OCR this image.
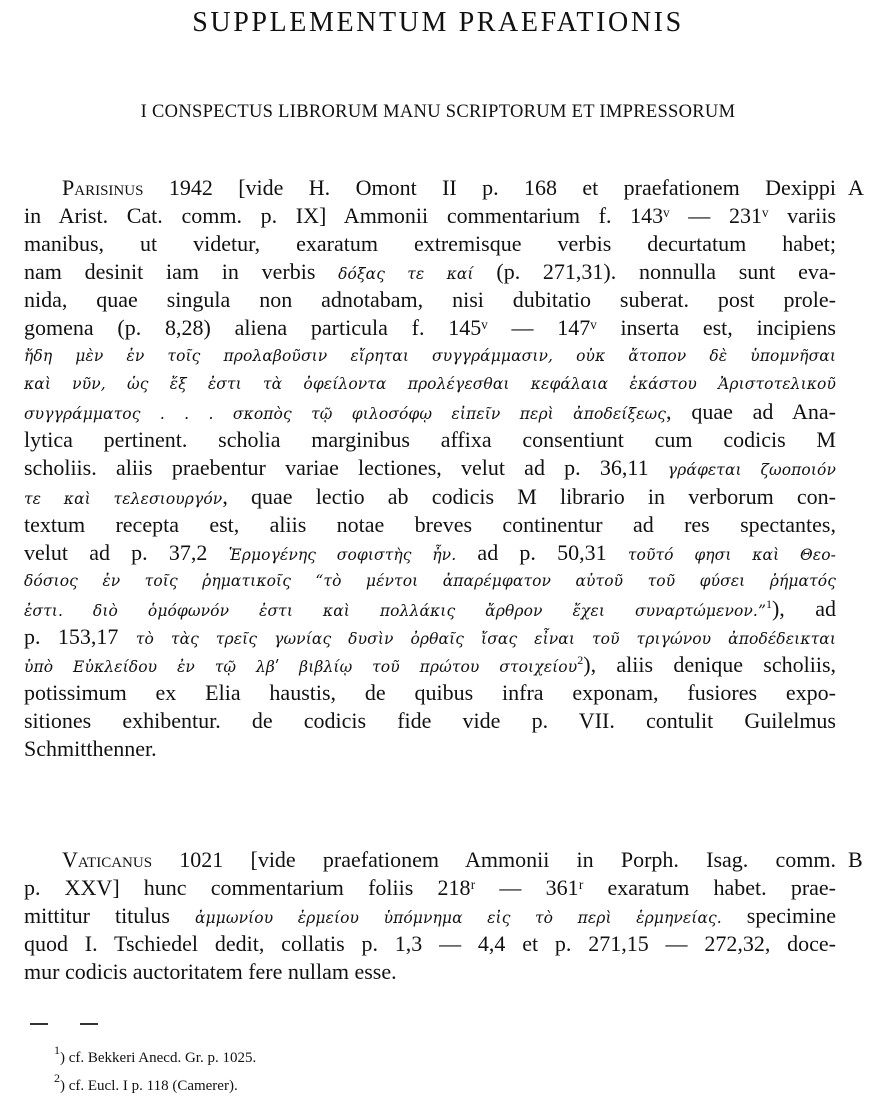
SUPPLEMENTUM PRAEFATIONIS
I CONSPECTUS LIBRORUM MANU SCRIPTORUM ET IMPRESSORUM
A
Parisinus 1942 [vide H. Omont II p. 168 et praefationem Dexippi
in Arist. Cat. comm. p. IX] Ammonii commentarium f. 143ᵛ — 231ᵛ variis
manibus, ut videtur, exaratum extremisque verbis decurtatum habet;
nam desinit iam in verbis δόξας τε καί (p. 271,31). nonnulla sunt eva-
nida, quae singula non adnotabam, nisi dubitatio suberat. post prole-
gomena (p. 8,28) aliena particula f. 145ᵛ — 147ᵛ inserta est, incipiens
ἤδη μὲν ἐν τοῖς προλαβοῦσιν εἴρηται συγγράμμασιν, οὐκ ἄτοπον δὲ ὑπομνῆσαι
καὶ νῦν, ὡς ἔξ ἐστι τὰ ὀφείλοντα προλέγεσθαι κεφάλαια ἑκάστου Ἀριστοτελικοῦ
συγγράμματος . . . σκοπὸς τῷ φιλοσόφῳ εἰπεῖν περὶ ἀποδείξεως, quae ad Ana-
lytica pertinent. scholia marginibus affixa consentiunt cum codicis M
scholiis. aliis praebentur variae lectiones, velut ad p. 36,11 γράφεται ζωοποιόν
τε καὶ τελεσιουργόν, quae lectio ab codicis M librario in verborum con-
textum recepta est, aliis notae breves continentur ad res spectantes,
velut ad p. 37,2 Ἑρμογένης σοφιστὴς ἦν. ad p. 50,31 τοῦτό φησι καὶ Θεο-
δόσιος ἐν τοῖς ῥηματικοῖς “τὸ μέντοι ἀπαρέμφατον αὐτοῦ τοῦ φύσει ῥήματός
ἐστι. διὸ ὁμόφωνόν ἐστι καὶ πολλάκις ἄρθρον ἔχει συναρτώμενον.”$^1$), ad
p. 153,17 τὸ τὰς τρεῖς γωνίας δυσὶν ὀρθαῖς ἴσας εἶναι τοῦ τριγώνου ἀποδέδεικται
ὑπὸ Εὐκλείδου ἐν τῷ λβʹ βιβλίῳ τοῦ πρώτου στοιχείου$^2$), aliis denique scholiis,
potissimum ex Elia haustis, de quibus infra exponam, fusiores expo-
sitiones exhibentur. de codicis fide vide p. VII. contulit Guilelmus
Schmitthenner.
B
Vaticanus 1021 [vide praefationem Ammonii in Porph. Isag. comm.
p. XXV] hunc commentarium foliis 218ʳ — 361ʳ exaratum habet. prae-
mittitur titulus ἀμμωνίου ἑρμείου ὑπόμνημα εἰς τὸ περὶ ἑρμηνείας. specimine
quod I. Tschiedel dedit, collatis p. 1,3 — 4,4 et p. 271,15 — 272,32, doce-
mur codicis auctoritatem fere nullam esse.
$^1$) cf. Bekkeri Anecd. Gr. p. 1025.
$^2$) cf. Eucl. I p. 118 (Camerer).
